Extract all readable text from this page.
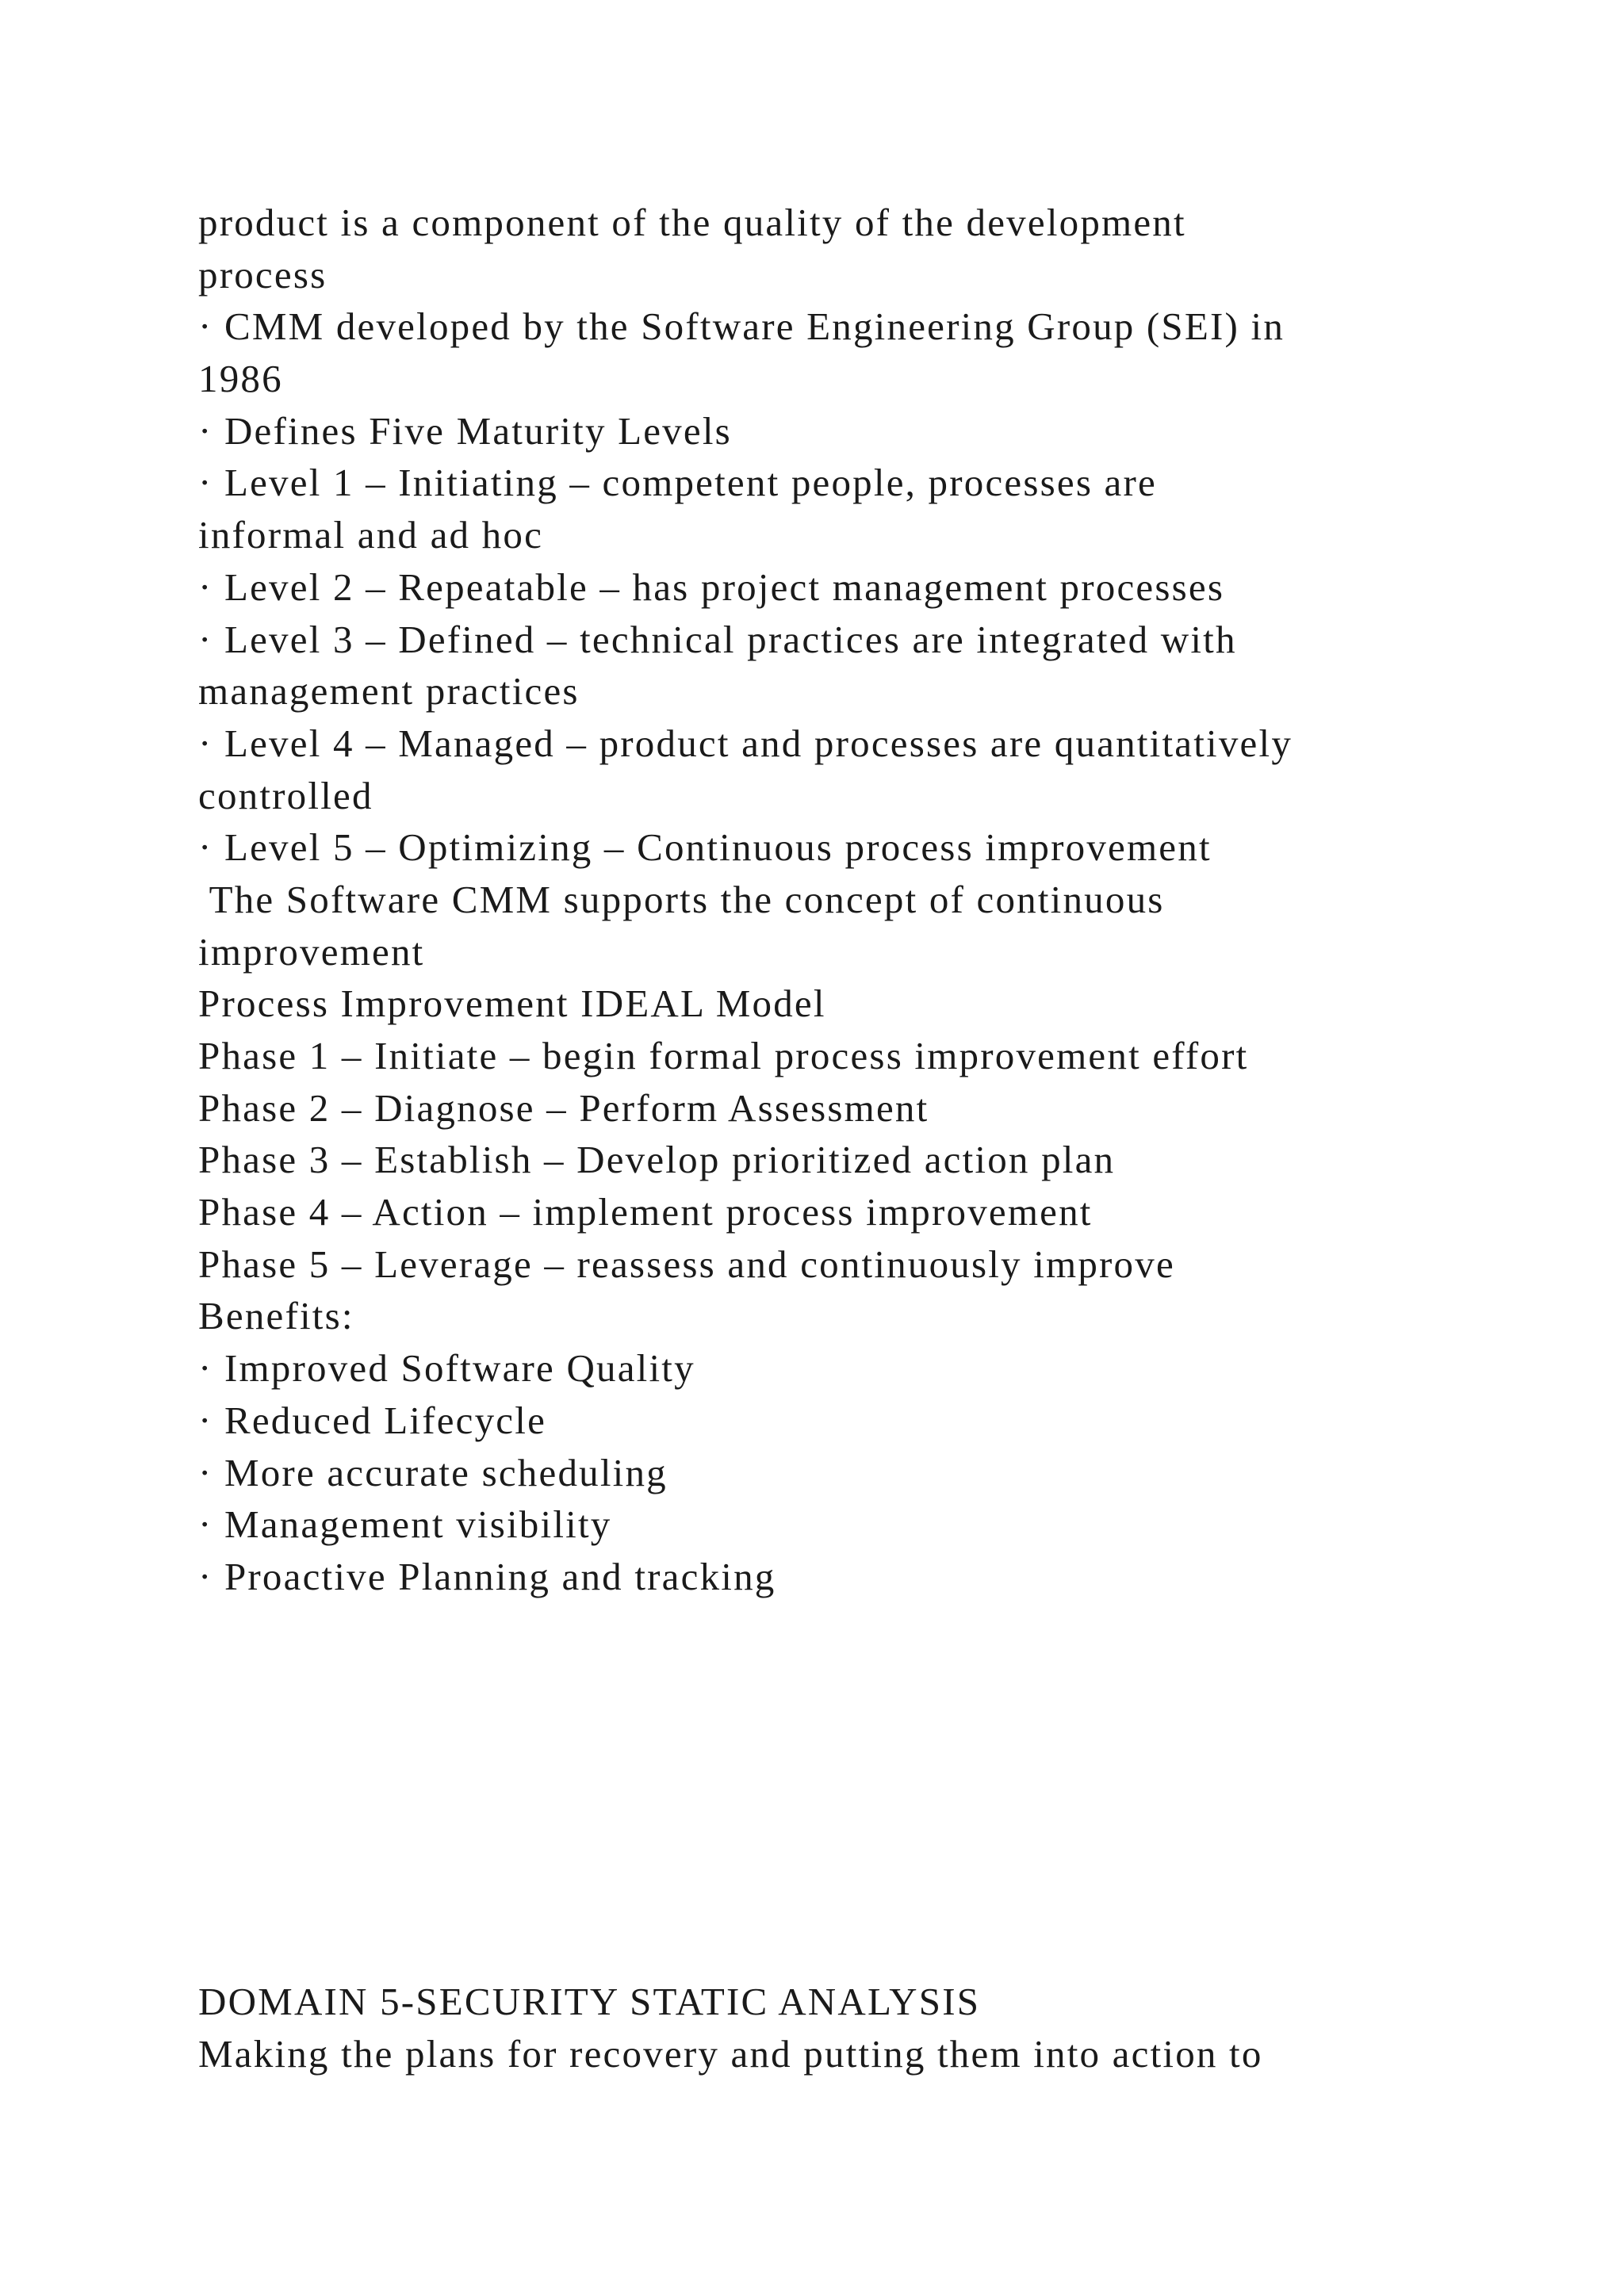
product is a component of the quality of the development
process
· CMM developed by the Software Engineering Group (SEI) in
1986
· Defines Five Maturity Levels
· Level 1 – Initiating – competent people, processes are
informal and ad hoc
· Level 2 – Repeatable – has project management processes
· Level 3 – Defined – technical practices are integrated with
management practices
· Level 4 – Managed – product and processes are quantitatively
controlled
· Level 5 – Optimizing – Continuous process improvement
The Software CMM supports the concept of continuous
improvement
Process Improvement IDEAL Model
Phase 1 – Initiate – begin formal process improvement effort
Phase 2 – Diagnose – Perform Assessment
Phase 3 – Establish – Develop prioritized action plan
Phase 4 – Action – implement process improvement
Phase 5 – Leverage – reassess and continuously improve
Benefits:
· Improved Software Quality
· Reduced Lifecycle
· More accurate scheduling
· Management visibility
· Proactive Planning and tracking
DOMAIN 5-SECURITY STATIC ANALYSIS
Making the plans for recovery and putting them into action to
